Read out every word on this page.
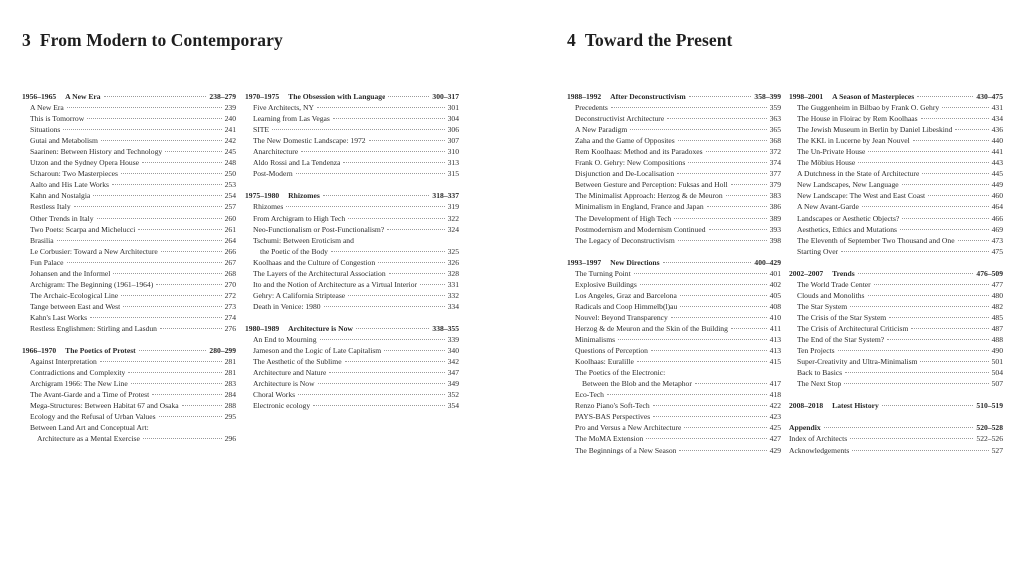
3 From Modern to Contemporary	4 Toward the Present
1956–1965 A New Era	238–279
A New Era	239
This is Tomorrow	240
Situations	241
Gutai and Metabolism	242
Saarinen: Between History and Technology	245
Utzon and the Sydney Opera House	248
Scharoun: Two Masterpieces	250
Aalto and His Late Works	253
Kahn and Nostalgia	254
Restless Italy	257
Other Trends in Italy	260
Two Poets: Scarpa and Michelucci	261
Brasilia	264
Le Corbusier: Toward a New Architecture	266
Fun Palace	267
Johansen and the Informel	268
Archigram: The Beginning (1961–1964)	270
The Archaic-Ecological Line	272
Tange between East and West	273
Kahn's Last Works	274
Restless Englishmen: Stirling and Lasdun	276
1966–1970 The Poetics of Protest	280–299
Against Interpretation	281
Contradictions and Complexity	281
Archigram 1966: The New Line	283
The Avant-Garde and a Time of Protest	284
Mega-Structures: Between Habitat 67 and Osaka	288
Ecology and the Refusal of Urban Values	295
Between Land Art and Conceptual Art:
Architecture as a Mental Exercise	296
1970–1975 The Obsession with Language	300–317
Five Architects, NY	301
Learning from Las Vegas	304
SITE	306
The New Domestic Landscape: 1972	307
Anarchitecture	310
Aldo Rossi and La Tendenza	313
Post-Modern	315
1975–1980 Rhizomes	318–337
Rhizomes	319
From Archigram to High Tech	322
Neo-Functionalism or Post-Functionalism?	324
Tschumi: Between Eroticism and
the Poetic of the Body	325
Koolhaas and the Culture of Congestion	326
The Layers of the Architectural Association	328
Ito and the Notion of Architecture as a Virtual Interior	331
Gehry: A California Striptease	332
Death in Venice: 1980	334
1980–1989 Architecture is Now	338–355
An End to Mourning	339
Jameson and the Logic of Late Capitalism	340
The Aesthetic of the Sublime	342
Architecture and Nature	347
Architecture is Now	349
Choral Works	352
Electronic ecology	354
1988–1992 After Deconstructivism	358–399
Precedents	359
Deconstructivist Architecture	363
A New Paradigm	365
Zaha and the Game of Opposites	368
Rem Koolhaas: Method and its Paradoxes	372
Frank O. Gehry: New Compositions	374
Disjunction and De-Localisation	377
Between Gesture and Perception: Fuksas and Holl	379
The Minimalist Approach: Herzog & de Meuron	383
Minimalism in England, France and Japan	386
The Development of High Tech	389
Postmodernism and Modernism Continued	393
The Legacy of Deconstructivism	398
1993–1997 New Directions	400–429
The Turning Point	401
Explosive Buildings	402
Los Angeles, Graz and Barcelona	405
Radicals and Coop Himmelb(l)au	408
Nouvel: Beyond Transparency	410
Herzog & de Meuron and the Skin of the Building	411
Minimalisms	413
Questions of Perception	413
Koolhaas: Euralille	415
The Poetics of the Electronic:
Between the Blob and the Metaphor	417
Eco-Tech	418
Renzo Piano's Soft-Tech	422
PAYS-BAS Perspectives	423
Pro and Versus a New Architecture	425
The MoMA Extension	427
The Beginnings of a New Season	429
1998–2001 A Season of Masterpieces	430–475
The Guggenheim in Bilbao by Frank O. Gehry	431
The House in Floirac by Rem Koolhaas	434
The Jewish Museum in Berlin by Daniel Libeskind	436
The KKL in Lucerne by Jean Nouvel	440
The Un-Private House	441
The Möbius House	443
A Dutchness in the State of Architecture	445
New Landscapes, New Language	449
New Landscape: The West and East Coast	460
A New Avant-Garde	464
Landscapes or Aesthetic Objects?	466
Aesthetics, Ethics and Mutations	469
The Eleventh of September Two Thousand and One	473
Starting Over	475
2002–2007 Trends	476–509
The World Trade Center	477
Clouds and Monoliths	480
The Star System	482
The Crisis of the Star System	485
The Crisis of Architectural Criticism	487
The End of the Star System?	488
Ten Projects	490
Super-Creativity and Ultra-Minimalism	501
Back to Basics	504
The Next Stop	507
2008–2018 Latest History	510–519
Appendix	520–528
Index of Architects	522–526
Acknowledgements	527
